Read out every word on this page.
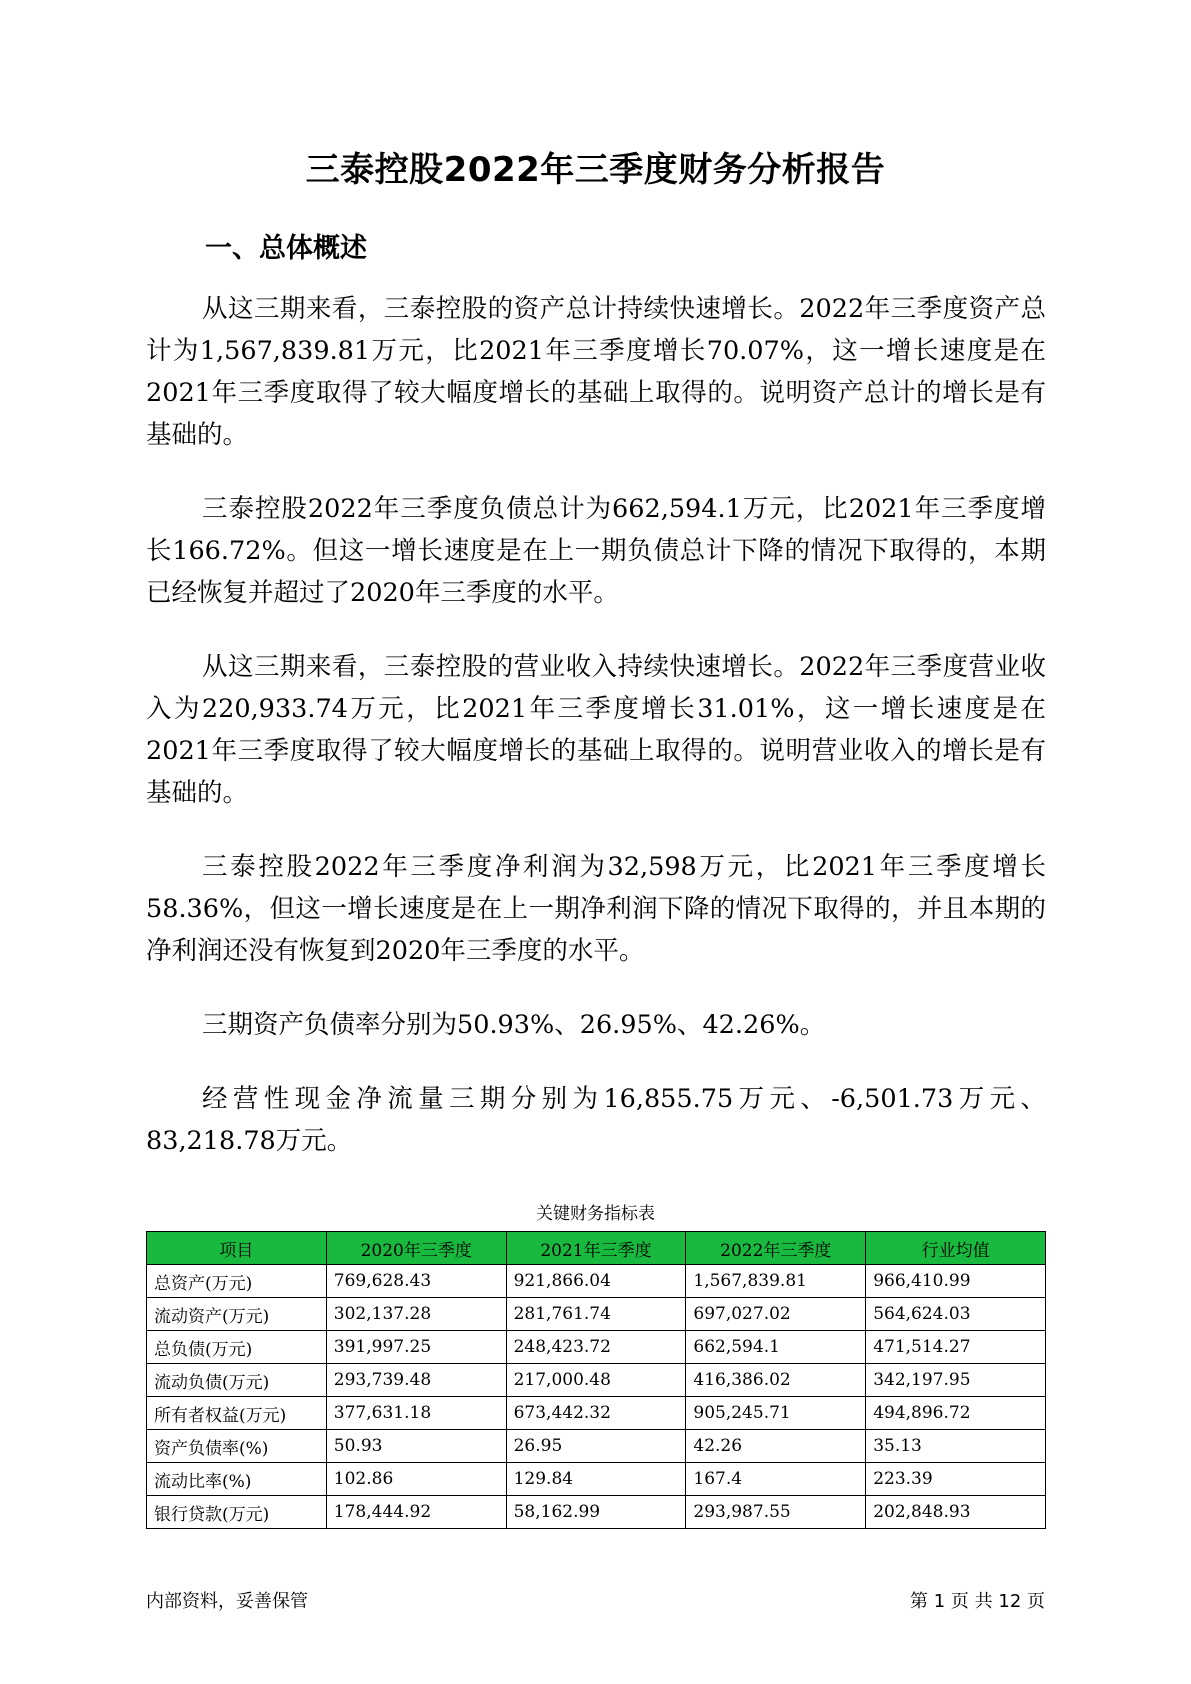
三泰控股2022年三季度财务分析报告
一、总体概述

从这三期来看，三泰控股的资产总计持续快速增长。2022年三季度资产总计为1,567,839.81万元，比2021年三季度增长70.07%，这一增长速度是在2021年三季度取得了较大幅度增长的基础上取得的。说明资产总计的增长是有基础的。

三泰控股2022年三季度负债总计为662,594.1万元，比2021年三季度增长166.72%。但这一增长速度是在上一期负债总计下降的情况下取得的，本期已经恢复并超过了2020年三季度的水平。

从这三期来看，三泰控股的营业收入持续快速增长。2022年三季度营业收入为220,933.74万元，比2021年三季度增长31.01%，这一增长速度是在2021年三季度取得了较大幅度增长的基础上取得的。说明营业收入的增长是有基础的。

三泰控股2022年三季度净利润为32,598万元，比2021年三季度增长58.36%，但这一增长速度是在上一期净利润下降的情况下取得的，并且本期的净利润还没有恢复到2020年三季度的水平。

三期资产负债率分别为50.93%、26.95%、42.26%。

经营性现金净流量三期分别为16,855.75万元、-6,501.73万元、83,218.78万元。

关键财务指标表
项目	2020年三季度	2021年三季度	2022年三季度	行业均值
总资产(万元)	769,628.43	921,866.04	1,567,839.81	966,410.99
流动资产(万元)	302,137.28	281,761.74	697,027.02	564,624.03
总负债(万元)	391,997.25	248,423.72	662,594.1	471,514.27
流动负债(万元)	293,739.48	217,000.48	416,386.02	342,197.95
所有者权益(万元)	377,631.18	673,442.32	905,245.71	494,896.72
资产负债率(%)	50.93	26.95	42.26	35.13
流动比率(%)	102.86	129.84	167.4	223.39
银行贷款(万元)	178,444.92	58,162.99	293,987.55	202,848.93
内部资料，妥善保管	第 1 页 共 12 页
